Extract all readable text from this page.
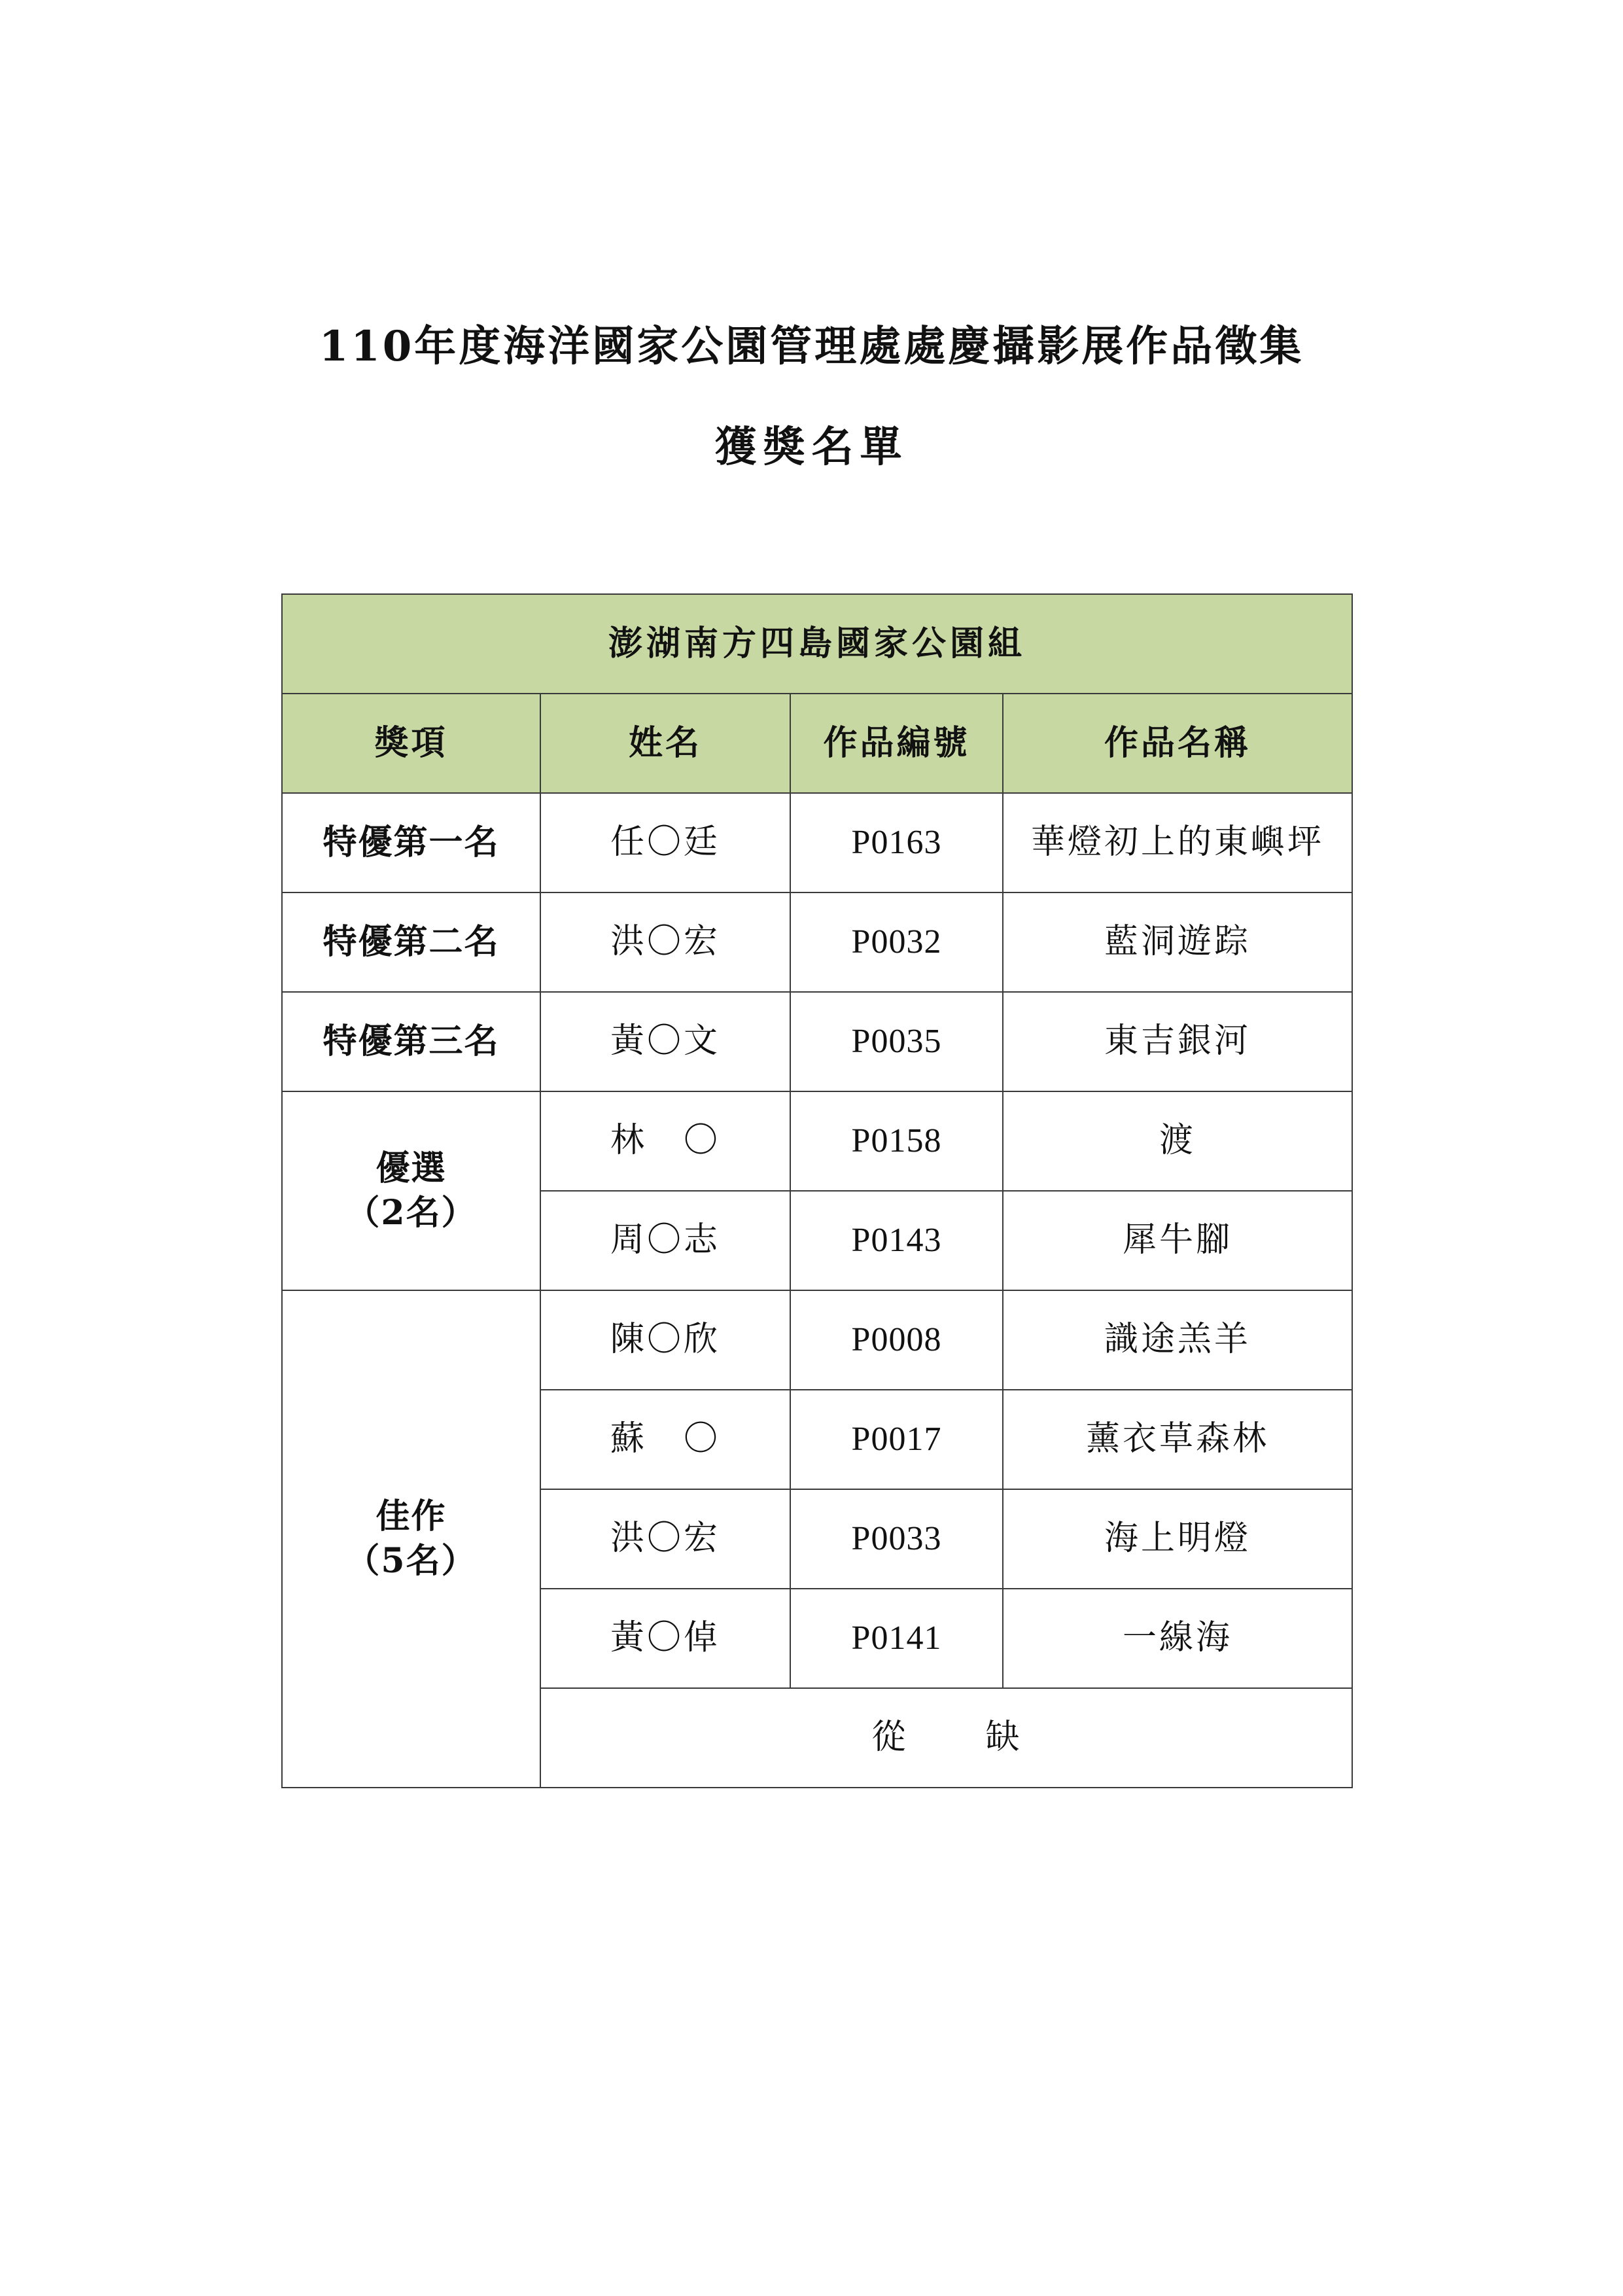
110年度海洋國家公園管理處處慶攝影展作品徵集
獲獎名單
澎湖南方四島國家公園組			
獎項	姓名	作品編號	作品名稱
特優第一名	任〇廷	P0163	華燈初上的東嶼坪
特優第二名	洪〇宏	P0032	藍洞遊踪
特優第三名	黃〇文	P0035	東吉銀河

優選
（2名）	林　〇	P0158	渡
	周〇志	P0143	犀牛腳

佳作
（5名）	陳〇欣	P0008	識途羔羊
	蘇　〇	P0017	薰衣草森林
	洪〇宏	P0033	海上明燈
	黃〇倬	P0141	一線海
	從 缺		
